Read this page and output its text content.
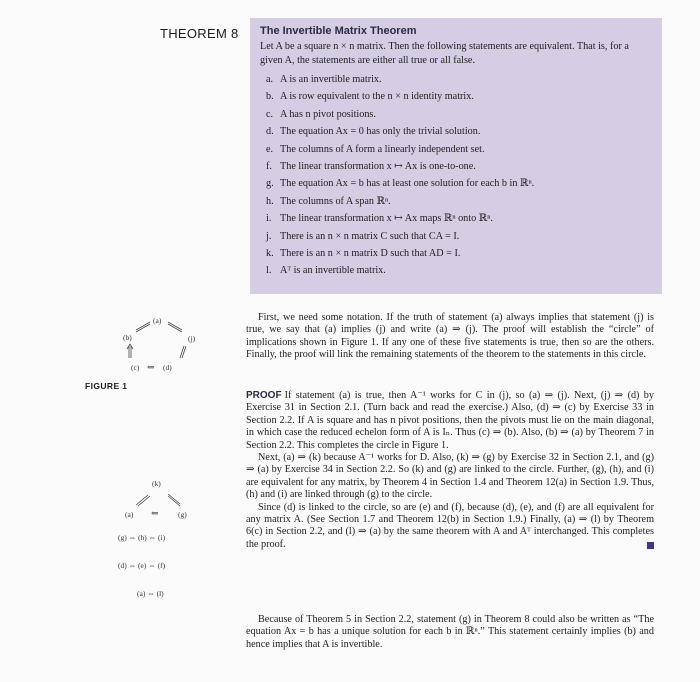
THEOREM 8 The Invertible Matrix Theorem

Let A be a square n × n matrix. Then the following statements are equivalent. That is, for a given A, the statements are either all true or all false.

a. A is an invertible matrix.
b. A is row equivalent to the n × n identity matrix.
c. A has n pivot positions.
d. The equation Ax = 0 has only the trivial solution.
e. The columns of A form a linearly independent set.
f. The linear transformation x ↦ Ax is one-to-one.
g. The equation Ax = b has at least one solution for each b in ℝⁿ.
h. The columns of A span ℝⁿ.
i. The linear transformation x ↦ Ax maps ℝⁿ onto ℝⁿ.
j. There is an n × n matrix C such that CA = I.
k. There is an n × n matrix D such that AD = I.
l. Aᵀ is an invertible matrix.
(a)
(b)	(j)
(c) ⇐ (d)
FIGURE 1
(k)
(a) ⇐	(g)
(g) ⇔ (h) ⇔ (i)
(d) ⇔ (e) ⇔ (f)
(a) ⇔ (l)

First, we need some notation. If the truth of statement (a) always implies that statement (j) is true, we say that (a) implies (j) and write (a) ⇒ (j). The proof will establish the “circle” of implications shown in Figure 1. If any one of these five statements is true, then so are the others. Finally, the proof will link the remaining statements of the theorem to the statements in this circle.

PROOF If statement (a) is true, then A⁻¹ works for C in (j), so (a) ⇒ (j). Next, (j) ⇒ (d) by Exercise 31 in Section 2.1. (Turn back and read the exercise.) Also, (d) ⇒ (c) by Exercise 33 in Section 2.2. If A is square and has n pivot positions, then the pivots must lie on the main diagonal, in which case the reduced echelon form of A is Iₙ. Thus (c) ⇒ (b). Also, (b) ⇒ (a) by Theorem 7 in Section 2.2. This completes the circle in Figure 1.

Next, (a) ⇒ (k) because A⁻¹ works for D. Also, (k) ⇒ (g) by Exercise 32 in Section 2.1, and (g) ⇒ (a) by Exercise 34 in Section 2.2. So (k) and (g) are linked to the circle. Further, (g), (h), and (i) are equivalent for any matrix, by Theorem 4 in Section 1.4 and Theorem 12(a) in Section 1.9. Thus, (h) and (i) are linked through (g) to the circle.

Since (d) is linked to the circle, so are (e) and (f), because (d), (e), and (f) are all equivalent for any matrix A. (See Section 1.7 and Theorem 12(b) in Section 1.9.) Finally, (a) ⇒ (l) by Theorem 6(c) in Section 2.2, and (l) ⇒ (a) by the same theorem with A and Aᵀ interchanged. This completes the proof.

Because of Theorem 5 in Section 2.2, statement (g) in Theorem 8 could also be written as “The equation Ax = b has a unique solution for each b in ℝⁿ.” This statement certainly implies (b) and hence implies that A is invertible.
